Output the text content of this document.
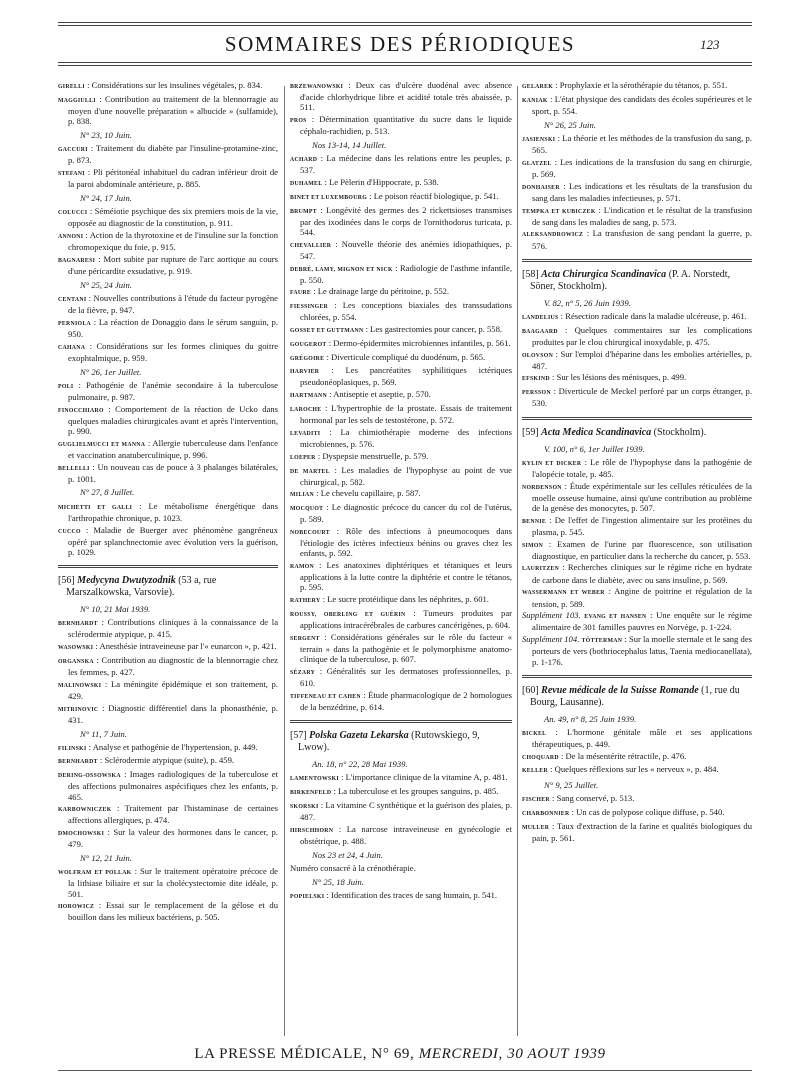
SOMMAIRES DES PÉRIODIQUES	123
GIRELLI : Considérations sur les insulines végétales, p. 834.
MAGGIULLI : Contribution au traitement de la blennorragie au moyen d'une nouvelle préparation « albucide » (sulfamide), p. 838.
N° 23, 10 Juin.
GACCURI : Traitement du diabète par l'insuline-protamine-zinc, p. 873.
STEFANI : Pli péritonéal inhabituel du cadran inférieur droit de la paroi abdominale antérieure, p. 885.
N° 24, 17 Juin.
COLUCCI : Séméiotie psychique des six premiers mois de la vie, opposée au diagnostic de la constitution, p. 911.
ANNONI : Action de la thyrotoxine et de l'insuline sur la fonction chromopexique du foie, p. 915.
BAGNARESI : Mort subite par rupture de l'arc aortique au cours d'une péricardite exsudative, p. 919.
N° 25, 24 Juin.
CENTANI : Nouvelles contributions à l'étude du facteur pyrogène de la fièvre, p. 947.
PERNIOLA : La réaction de Donaggio dans le sérum sanguin, p. 950.
CAHANA : Considérations sur les formes cliniques du goitre exophtalmique, p. 959.
N° 26, 1er Juillet.
POLI : Pathogénie de l'anémie secondaire à la tuberculose pulmonaire, p. 987.
FINOCCHIARO : Comportement de la réaction de Ucko dans quelques maladies chirurgicales avant et après l'intervention, p. 990.
GUGLIELMUCCI ET MANNA : Allergie tuberculeuse dans l'enfance et vaccination anatuberculinique, p. 996.
BELLELLI : Un nouveau cas de pouce à 3 phalanges bilatérales, p. 1001.
N° 27, 8 Juillet.
MICHETTI ET GALLI : Le métabolisme énergétique dans l'arthropathie chronique, p. 1023.
CUCCO : Maladie de Buerger avec phénomène gangréneux opéré par splanchnectomie avec évolution vers la guérison, p. 1029.
[56] Medycyna Dwutyzodnik (53 a, rue Marszalkowska, Varsovie).
N° 10, 21 Mai 1939.
BERNHARDT : Contributions cliniques à la connaissance de la sclérodermie atypique, p. 415.
WASOWSKI : Anesthésie intraveineuse par l'« eunarcon », p. 421.
ORGANSKA : Contribution au diagnostic de la blennorragie chez les femmes, p. 427.
MALINOWSKI : La méningite épidémique et son traitement, p. 429.
MITRINOVIC : Diagnostic différentiel dans la phonasthénie, p. 431.
N° 11, 7 Juin.
FILINSKI : Analyse et pathogénie de l'hypertension, p. 449.
BERNHARDT : Sclérodermie atypique (suite), p. 459.
DERING-OSSOWSKA : Images radiologiques de la tuberculose et des affections pulmonaires aspécifiques chez les enfants, p. 465.
KARBOWNICZEK : Traitement par l'histaminase de certaines affections allergiques, p. 474.
DMOCHOWSKI : Sur la valeur des hormones dans le cancer, p. 479.
N° 12, 21 Juin.
WOLFRAM ET POLLAK : Sur le traitement opératoire précoce de la lithiase biliaire et sur la cholécystectomie dite idéale, p. 501.
HOROWICZ : Essai sur le remplacement de la gélose et du bouillon dans les milieux bactériens, p. 505.
BRZEWANOWSKI : Deux cas d'ulcère duodénal avec absence d'acide chlorhydrique libre et acidité totale très abaissée, p. 511.
PROS : Détermination quantitative du sucre dans le liquide céphalo-rachidien, p. 513.
Nos 13-14, 14 Juillet.
ACHARD : La médecine dans les relations entre les peuples, p. 537.
DUHAMEL : Le Pèlerin d'Hippocrate, p. 538.
BINET ET LUXEMBOURG : Le poison réactif biologique, p. 541.
BRUMPT : Longévité des germes des 2 rickettsioses transmises par des ixodinées dans le corps de l'ornithodorus turicata, p. 544.
CHEVALLIER : Nouvelle théorie des anémies idiopathiques, p. 547.
DEBRÉ, LAMY, MIGNON ET NICK : Radiologie de l'asthme infantile, p. 550.
FAURE : Le drainage large du péritoine, p. 552.
FIESSINGER : Les conceptions biaxiales des transsudations chlorées, p. 554.
GOSSET ET GUTTMANN : Les gastrectomies pour cancer, p. 558.
GOUGEROT : Dermo-épidermites microbiennes infantiles, p. 561.
GRÉGOIRE : Diverticule compliqué du duodénum, p. 565.
HARVIER : Les pancréatites syphilitiques ictériques pseudonéoplasiques, p. 569.
HARTMANN : Antiseptie et aseptie, p. 570.
LAROCHE : L'hypertrophie de la prostate. Essais de traitement hormonal par les sels de testostérone, p. 572.
LEVADITI : La chimiothérapie moderne des infections microbiennes, p. 576.
LOEPER : Dyspepsie menstruelle, p. 579.
DE MARTEL : Les maladies de l'hypophyse au point de vue chirurgical, p. 582.
MILIAN : Le chevelu capillaire, p. 587.
MOCQUOT : Le diagnostic précoce du cancer du col de l'utérus, p. 589.
NOBECOURT : Rôle des infections à pneumocoques dans l'étiologie des ictères infectieux bénins ou graves chez les enfants, p. 592.
RAMON : Les anatoxines diphtériques et tétaniques et leurs applications à la lutte contre la diphtérie et contre le tétanos, p. 595.
RATHERY : Le sucre protéidique dans les néphrites, p. 601.
ROUSSY, OBERLING ET GUÉRIN : Tumeurs produites par applications intracérébrales de carbures cancérigènes, p. 604.
SERGENT : Considérations générales sur le rôle du facteur « terrain » dans la pathogénie et le polymorphisme anatomo-clinique de la tuberculose, p. 607.
SÉZARY : Généralités sur les dermatoses professionnelles, p. 610.
TIFFENEAU ET CAHEN : Étude pharmacologique de 2 homologues de la benzédrine, p. 614.
[57] Polska Gazeta Lekarska (Rutowskiego, 9, Lwow).
An. 18, n° 22, 28 Mai 1939.
LAMENTOWSKI : L'importance clinique de la vitamine A, p. 481.
BIRKENFELD : La tuberculose et les groupes sanguins, p. 485.
SKORSKI : La vitamine C synthétique et la guérison des plaies, p. 487.
HIRSCHHORN : La narcose intraveineuse en gynécologie et obstétrique, p. 488.
Nos 23 et 24, 4 Juin.
Numéro consacré à la crénothérapie.
N° 25, 18 Juin.
POPIELSKI : Identification des traces de sang humain, p. 541.
GELAREK : Prophylaxie et la sérothérapie du tétanos, p. 551.
KANIAK : L'état physique des candidats des écoles supérieures et le sport, p. 554.
N° 26, 25 Juin.
JASIENSKI : La théorie et les méthodes de la transfusion du sang, p. 565.
GLATZEL : Les indications de la transfusion du sang en chirurgie, p. 569.
DONHAISER : Les indications et les résultats de la transfusion du sang dans les maladies infectieuses, p. 571.
TEMPKA ET KUBICZEK : L'indication et le résultat de la transfusion de sang dans les maladies de sang, p. 573.
ALEKSANDROWICZ : La transfusion de sang pendant la guerre, p. 576.
[58] Acta Chirurgica Scandinavica (P. A. Norstedt, Söner, Stockholm).
V. 82, n° 5, 26 Juin 1939.
LANDELIUS : Résection radicale dans la maladie ulcéreuse, p. 461.
BAAGAARD : Quelques commentaires sur les complications produites par le clou chirurgical inoxydable, p. 475.
OLOVSON : Sur l'emploi d'héparine dans les embolies artérielles, p. 487.
EFSKIND : Sur les lésions des ménisques, p. 499.
PERSSON : Diverticule de Meckel perforé par un corps étranger, p. 530.
[59] Acta Medica Scandinavica (Stockholm).
V. 100, n° 6, 1er Juillet 1939.
KYLIN ET DICKER : Le rôle de l'hypophyse dans la pathogénie de l'alopécie totale, p. 485.
NORDENSON : Étude expérimentale sur les cellules réticulées de la moelle osseuse humaine, ainsi qu'une contribution au problème de la genèse des monocytes, p. 507.
BENNIE : De l'effet de l'ingestion alimentaire sur les protéines du plasma, p. 545.
SIMON : Examen de l'urine par fluorescence, son utilisation diagnostique, en particulier dans la recherche du cancer, p. 553.
LAURITZEN : Recherches cliniques sur le régime riche en hydrate de carbone dans le diabète, avec ou sans insuline, p. 569.
WASSERMANN ET WEBER : Angine de poitrine et régulation de la tension, p. 589.
Supplément 103. EVANG ET HANSEN : Une enquête sur le régime alimentaire de 301 familles pauvres en Norvège, p. 1-224.
Supplément 104. TÖTTERMAN : Sur la moelle sternale et le sang des porteurs de vers (bothriocephalus latus, Taenia mediocanellata), p. 1-176.
[60] Revue médicale de la Suisse Romande (1, rue du Bourg, Lausanne).
An. 49, n° 8, 25 Juin 1939.
BICKEL : L'hormone génitale mâle et ses applications thérapeutiques, p. 449.
CHOQUARD : De la mésentérite rétractile, p. 476.
KELLER : Quelques réflexions sur les « nerveux », p. 484.
N° 9, 25 Juillet.
FISCHER : Sang conservé, p. 513.
CHARBONNIER : Un cas de polypose colique diffuse, p. 540.
MULLER : Taux d'extraction de la farine et qualités biologiques du pain, p. 561.
LA PRESSE MÉDICALE, N° 69, MERCREDI, 30 AOUT 1939
